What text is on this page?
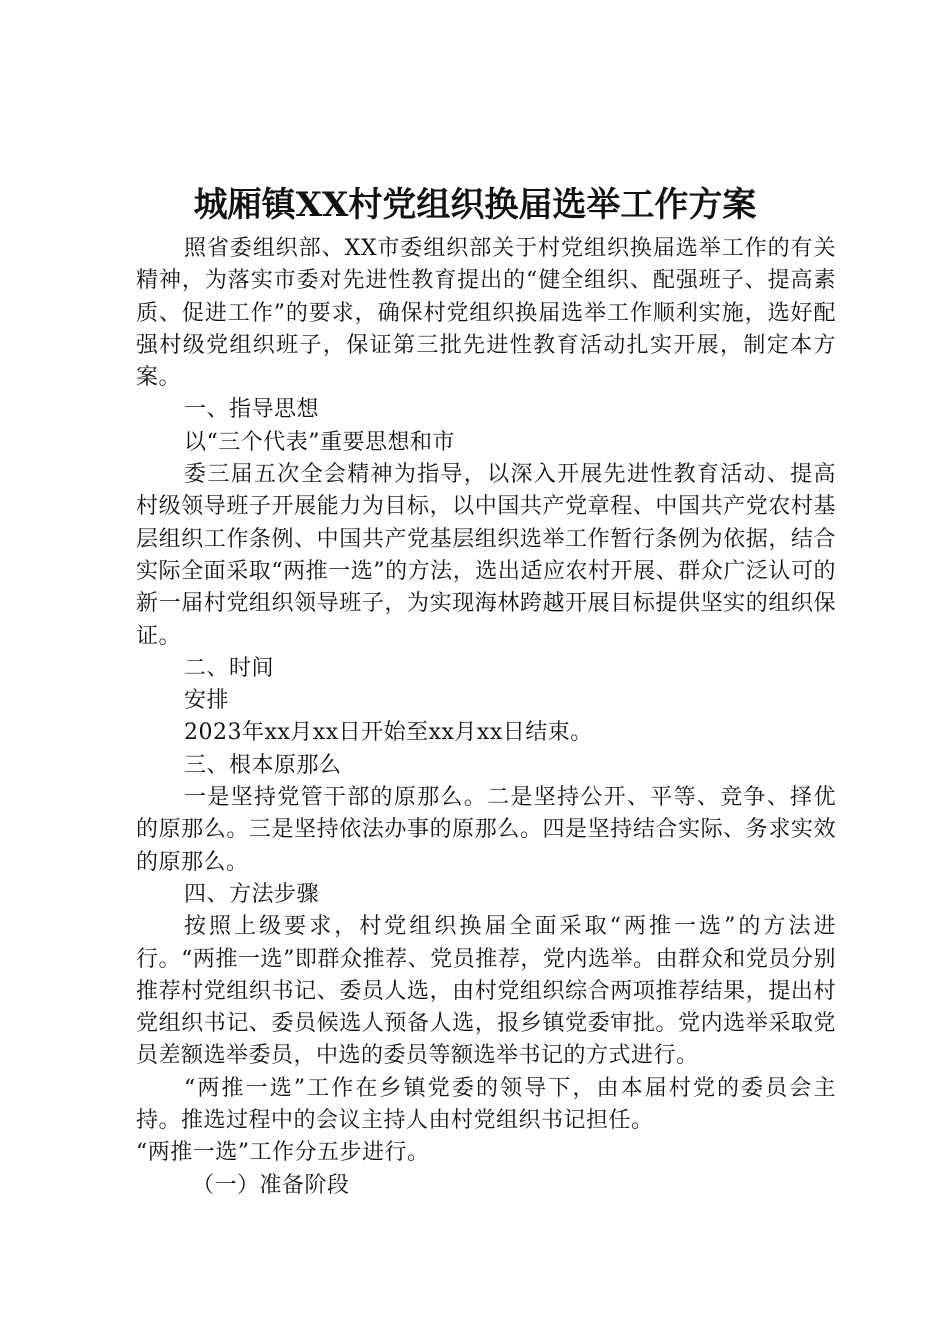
城厢镇XX村党组织换届选举工作方案

照省委组织部、XX市委组织部关于村党组织换届选举工作的有关精神，为落实市委对先进性教育提出的“健全组织、配强班子、提高素质、促进工作”的要求，确保村党组织换届选举工作顺利实施，选好配强村级党组织班子，保证第三批先进性教育活动扎实开展，制定本方案。

一、指导思想

以“三个代表”重要思想和市

委三届五次全会精神为指导，以深入开展先进性教育活动、提高村级领导班子开展能力为目标，以中国共产党章程、中国共产党农村基层组织工作条例、中国共产党基层组织选举工作暂行条例为依据，结合实际全面采取“两推一选”的方法，选出适应农村开展、群众广泛认可的新一届村党组织领导班子，为实现海林跨越开展目标提供坚实的组织保证。

二、时间

安排

2023年xx月xx日开始至xx月xx日结束。

三、根本原那么

一是坚持党管干部的原那么。二是坚持公开、平等、竞争、择优的原那么。三是坚持依法办事的原那么。四是坚持结合实际、务求实效的原那么。

四、方法步骤

按照上级要求，村党组织换届全面采取“两推一选”的方法进行。“两推一选”即群众推荐、党员推荐，党内选举。由群众和党员分别推荐村党组织书记、委员人选，由村党组织综合两项推荐结果，提出村党组织书记、委员候选人预备人选，报乡镇党委审批。党内选举采取党员差额选举委员，中选的委员等额选举书记的方式进行。

“两推一选”工作在乡镇党委的领导下，由本届村党的委员会主持。推选过程中的会议主持人由村党组织书记担任。

“两推一选”工作分五步进行。

（一）准备阶段
